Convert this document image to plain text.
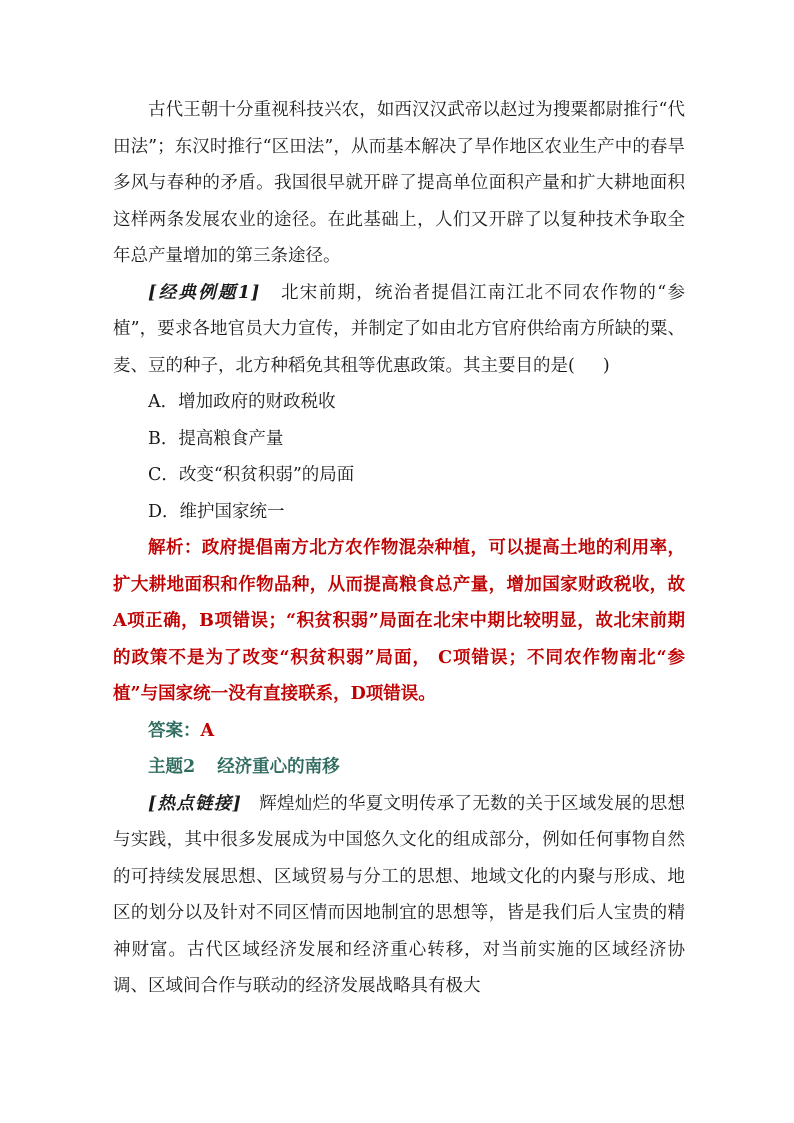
古代王朝十分重视科技兴农，如西汉汉武帝以赵过为搜粟都尉推行“代田法”；东汉时推行“区田法”，从而基本解决了旱作地区农业生产中的春旱多风与春种的矛盾。我国很早就开辟了提高单位面积产量和扩大耕地面积这样两条发展农业的途径。在此基础上，人们又开辟了以复种技术争取全年总产量增加的第三条途径。

[经典例题1] 北宋前期，统治者提倡江南江北不同农作物的“参植”，要求各地官员大力宣传，并制定了如由北方官府供给南方所缺的粟、麦、豆的种子，北方种稻免其租等优惠政策。其主要目的是( )

A．增加政府的财政税收

B．提高粮食产量

C．改变“积贫积弱”的局面

D．维护国家统一

解析：政府提倡南方北方农作物混杂种植，可以提高土地的利用率，扩大耕地面积和作物品种，从而提高粮食总产量，增加国家财政税收，故A项正确，B项错误；“积贫积弱”局面在北宋中期比较明显，故北宋前期的政策不是为了改变“积贫积弱”局面， C项错误；不同农作物南北“参植”与国家统一没有直接联系，D项错误。

答案：A

主题2 经济重心的南移

[热点链接] 辉煌灿烂的华夏文明传承了无数的关于区域发展的思想与实践，其中很多发展成为中国悠久文化的组成部分，例如任何事物自然的可持续发展思想、区域贸易与分工的思想、地域文化的内聚与形成、地区的划分以及针对不同区情而因地制宜的思想等，皆是我们后人宝贵的精神财富。古代区域经济发展和经济重心转移，对当前实施的区域经济协调、区域间合作与联动的经济发展战略具有极大
